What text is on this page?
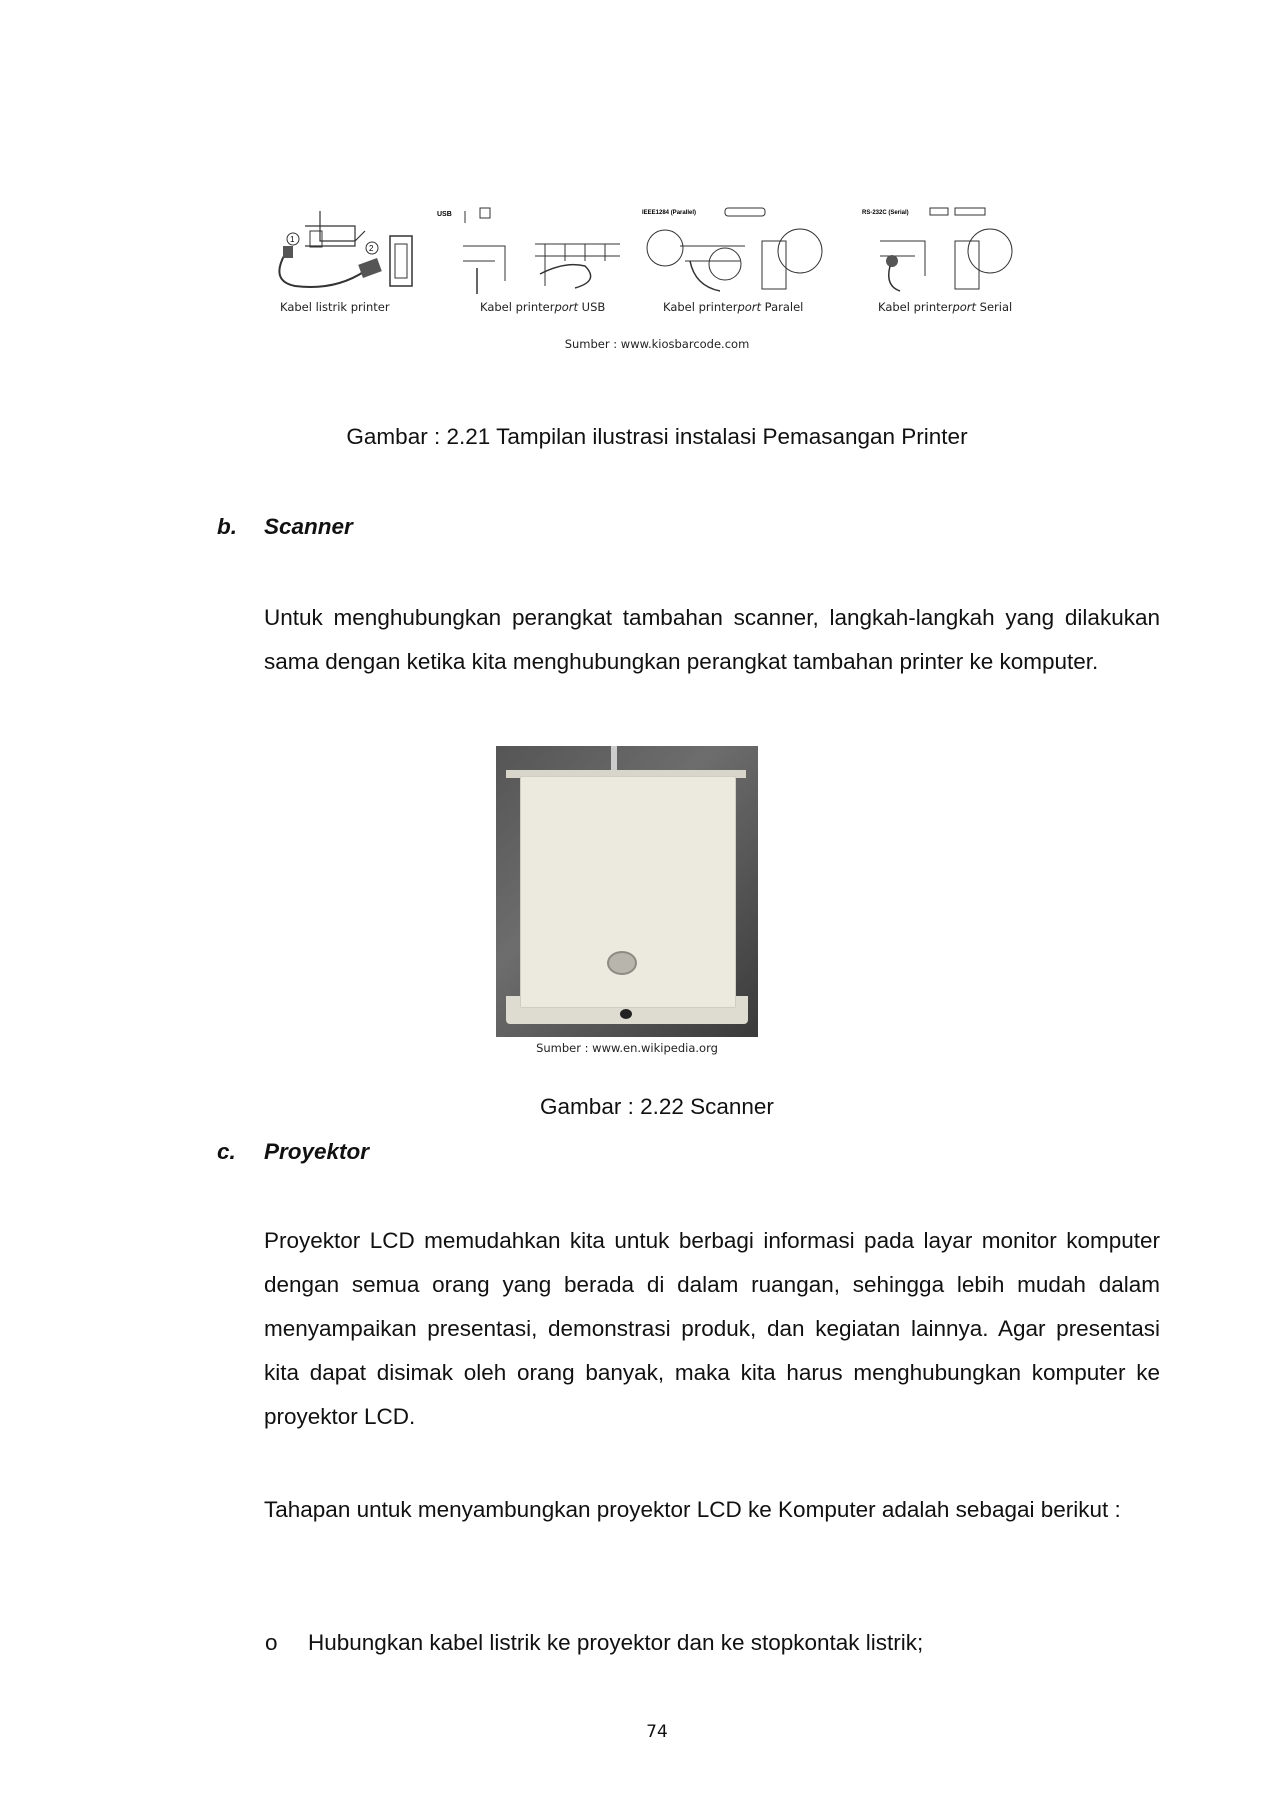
1
2
USB	IEEE1284 (Parallel)	RS-232C (Serial)
Kabel listrik printer	Kabel printerport USB	Kabel printerport Paralel	Kabel printerport Serial
Sumber : www.kiosbarcode.com
Gambar : 2.21 Tampilan ilustrasi instalasi Pemasangan Printer
b. Scanner
Untuk menghubungkan perangkat tambahan scanner, langkah-langkah yang dilakukan sama dengan ketika kita menghubungkan perangkat tambahan printer ke komputer.
Sumber : www.en.wikipedia.org
Gambar : 2.22 Scanner
c. Proyektor
Proyektor LCD memudahkan kita untuk berbagi informasi pada layar monitor komputer dengan semua orang yang berada di dalam ruangan, sehingga lebih mudah dalam menyampaikan presentasi, demonstrasi produk, dan kegiatan lainnya. Agar presentasi kita dapat disimak oleh orang banyak, maka kita harus menghubungkan komputer ke proyektor LCD.
Tahapan untuk menyambungkan proyektor LCD ke Komputer adalah sebagai berikut :
o Hubungkan kabel listrik ke proyektor dan ke stopkontak listrik;
74
